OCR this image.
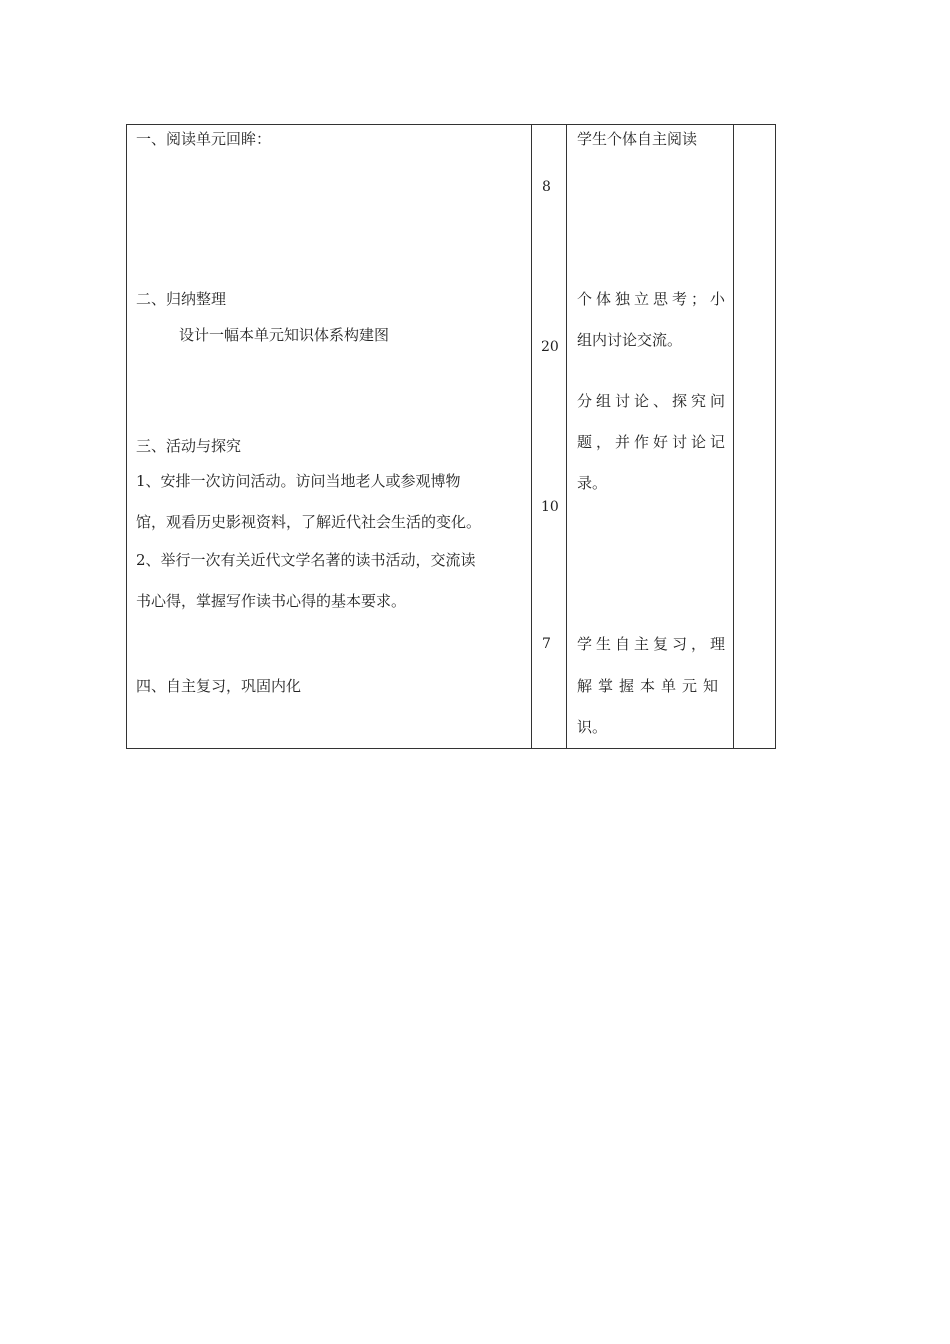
一、阅读单元回眸：
二、归纳整理
设计一幅本单元知识体系构建图
三、活动与探究
1、安排一次访问活动。访问当地老人或参观博物
馆，观看历史影视资料，了解近代社会生活的变化。
2、举行一次有关近代文学名著的读书活动，交流读
书心得，掌握写作读书心得的基本要求。
四、自主复习，巩固内化
8
20
10
7
学生个体自主阅读
个体独立思考；小
组内讨论交流。
分组讨论、探究问
题，并作好讨论记
录。
学生自主复习，理
解掌握本单元知
识。
